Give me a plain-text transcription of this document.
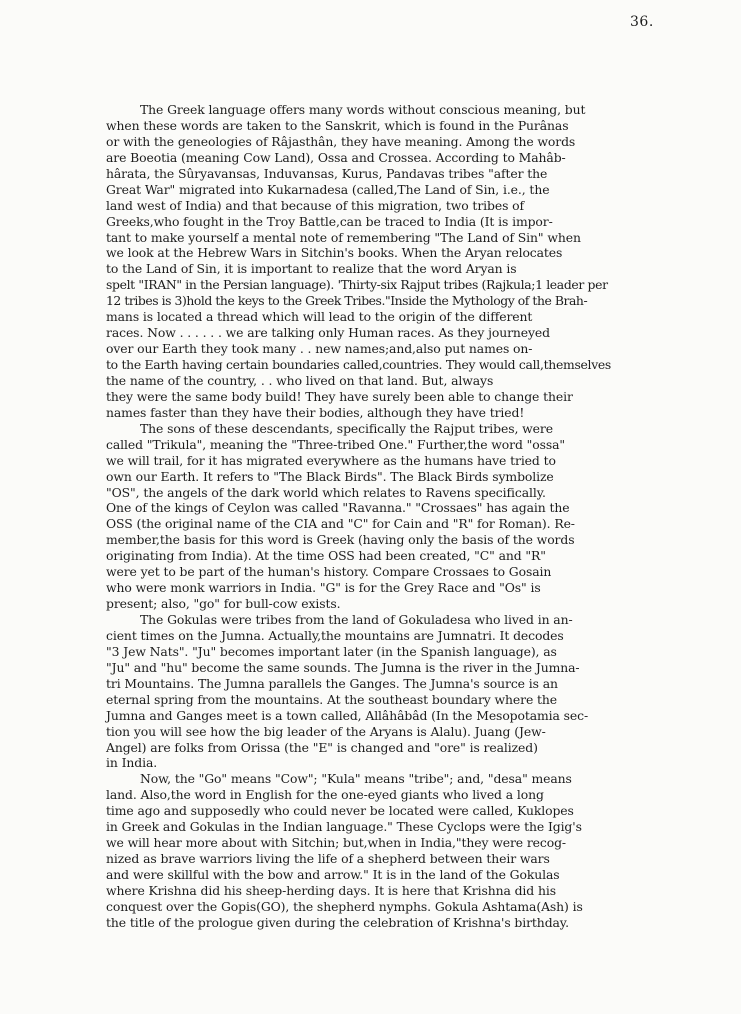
36.
The Greek language offers many words without conscious meaning, but
when these words are taken to the Sanskrit, which is found in the Purânas
or with the geneologies of Râjasthân, they have meaning. Among the words
are Boeotia (meaning Cow Land), Ossa and Crossea. According to Mahâb-
hârata, the Sûryavansas, Induvansas, Kurus, Pandavas tribes "after the
Great War" migrated into Kukarnadesa (called,The Land of Sin, i.e., the
land west of India) and that because of this migration, two tribes of
Greeks,who fought in the Troy Battle,can be traced to India (It is impor-
tant to make yourself a mental note of remembering "The Land of Sin" when
we look at the Hebrew Wars in Sitchin's books. When the Aryan relocates
to the Land of Sin, it is important to realize that the word Aryan is
spelt "IRAN" in the Persian language). 'Thirty-six Rajput tribes (Rajkula;1 leader per
12 tribes is 3)hold the keys to the Greek Tribes."Inside the Mythology of the Brah-
mans is located a thread which will lead to the origin of the different
races. Now . . . . . . we are talking only Human races. As they journeyed
over our Earth they took many . . new names;and,also put names on-
to the Earth having certain boundaries called,countries. They would call,themselves
the name of the country, . . who lived on that land. But, always
they were the same body build! They have surely been able to change their
names faster than they have their bodies, although they have tried!
The sons of these descendants, specifically the Rajput tribes, were
called "Trikula", meaning the "Three-tribed One." Further,the word "ossa"
we will trail, for it has migrated everywhere as the humans have tried to
own our Earth. It refers to "The Black Birds". The Black Birds symbolize
"OS", the angels of the dark world which relates to Ravens specifically.
One of the kings of Ceylon was called "Ravanna." "Crossaes" has again the
OSS (the original name of the CIA and "C" for Cain and "R" for Roman). Re-
member,the basis for this word is Greek (having only the basis of the words
originating from India). At the time OSS had been created, "C" and "R"
were yet to be part of the human's history. Compare Crossaes to Gosain
who were monk warriors in India. "G" is for the Grey Race and "Os" is
present; also, "go" for bull-cow exists.
The Gokulas were tribes from the land of Gokuladesa who lived in an-
cient times on the Jumna. Actually,the mountains are Jumnatri. It decodes
"3 Jew Nats". "Ju" becomes important later (in the Spanish language), as
"Ju" and "hu" become the same sounds. The Jumna is the river in the Jumna-
tri Mountains. The Jumna parallels the Ganges. The Jumna's source is an
eternal spring from the mountains. At the southeast boundary where the
Jumna and Ganges meet is a town called, Allâhâbâd (In the Mesopotamia sec-
tion you will see how the big leader of the Aryans is Alalu). Juang (Jew-
Angel) are folks from Orissa (the "E" is changed and "ore" is realized)
in India.
Now, the "Go" means "Cow"; "Kula" means "tribe"; and, "desa" means
land. Also,the word in English for the one-eyed giants who lived a long
time ago and supposedly who could never be located were called, Kuklopes
in Greek and Gokulas in the Indian language." These Cyclops were the Igig's
we will hear more about with Sitchin; but,when in India,"they were recog-
nized as brave warriors living the life of a shepherd between their wars
and were skillful with the bow and arrow." It is in the land of the Gokulas
where Krishna did his sheep-herding days. It is here that Krishna did his
conquest over the Gopis(GO), the shepherd nymphs. Gokula Ashtama(Ash) is
the title of the prologue given during the celebration of Krishna's birthday.
